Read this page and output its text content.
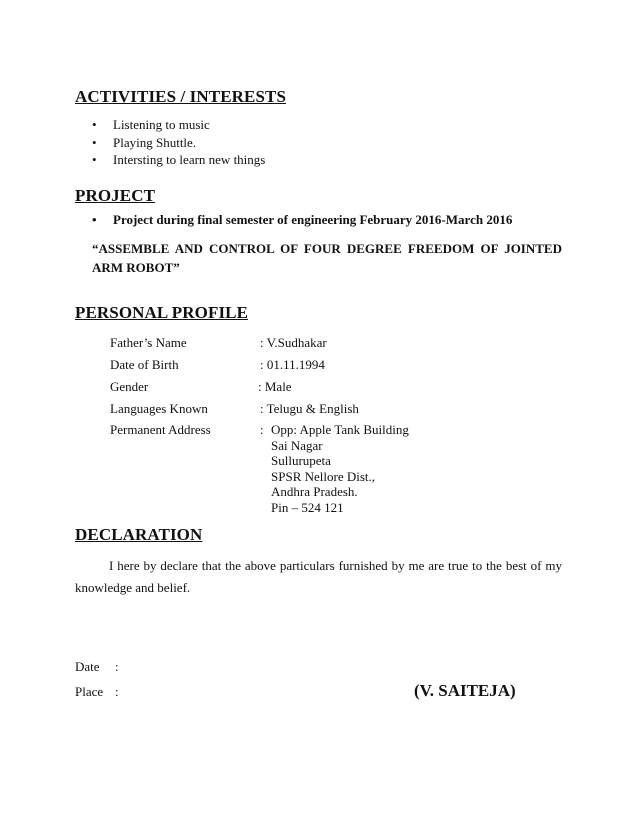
ACTIVITIES / INTERESTS
• Listening to music
• Playing Shuttle.
• Intersting to learn new things
PROJECT
• Project during final semester of engineering February 2016-March 2016

“ASSEMBLE AND CONTROL OF FOUR DEGREE FREEDOM OF JOINTED ARM ROBOT”

PERSONAL PROFILE
Father’s Name	: V.Sudhakar
Date of Birth	: 01.11.1994
Gender	: Male
Languages Known	: Telugu & English
Permanent Address	: Opp: Apple Tank Building
Sai Nagar
Sullurupeta
SPSR Nellore Dist.,
Andhra Pradesh.
Pin – 524 121
DECLARATION

I here by declare that the above particulars furnished by me are true to the best of my knowledge and belief.

Date :
Place :	(V. SAITEJA)
